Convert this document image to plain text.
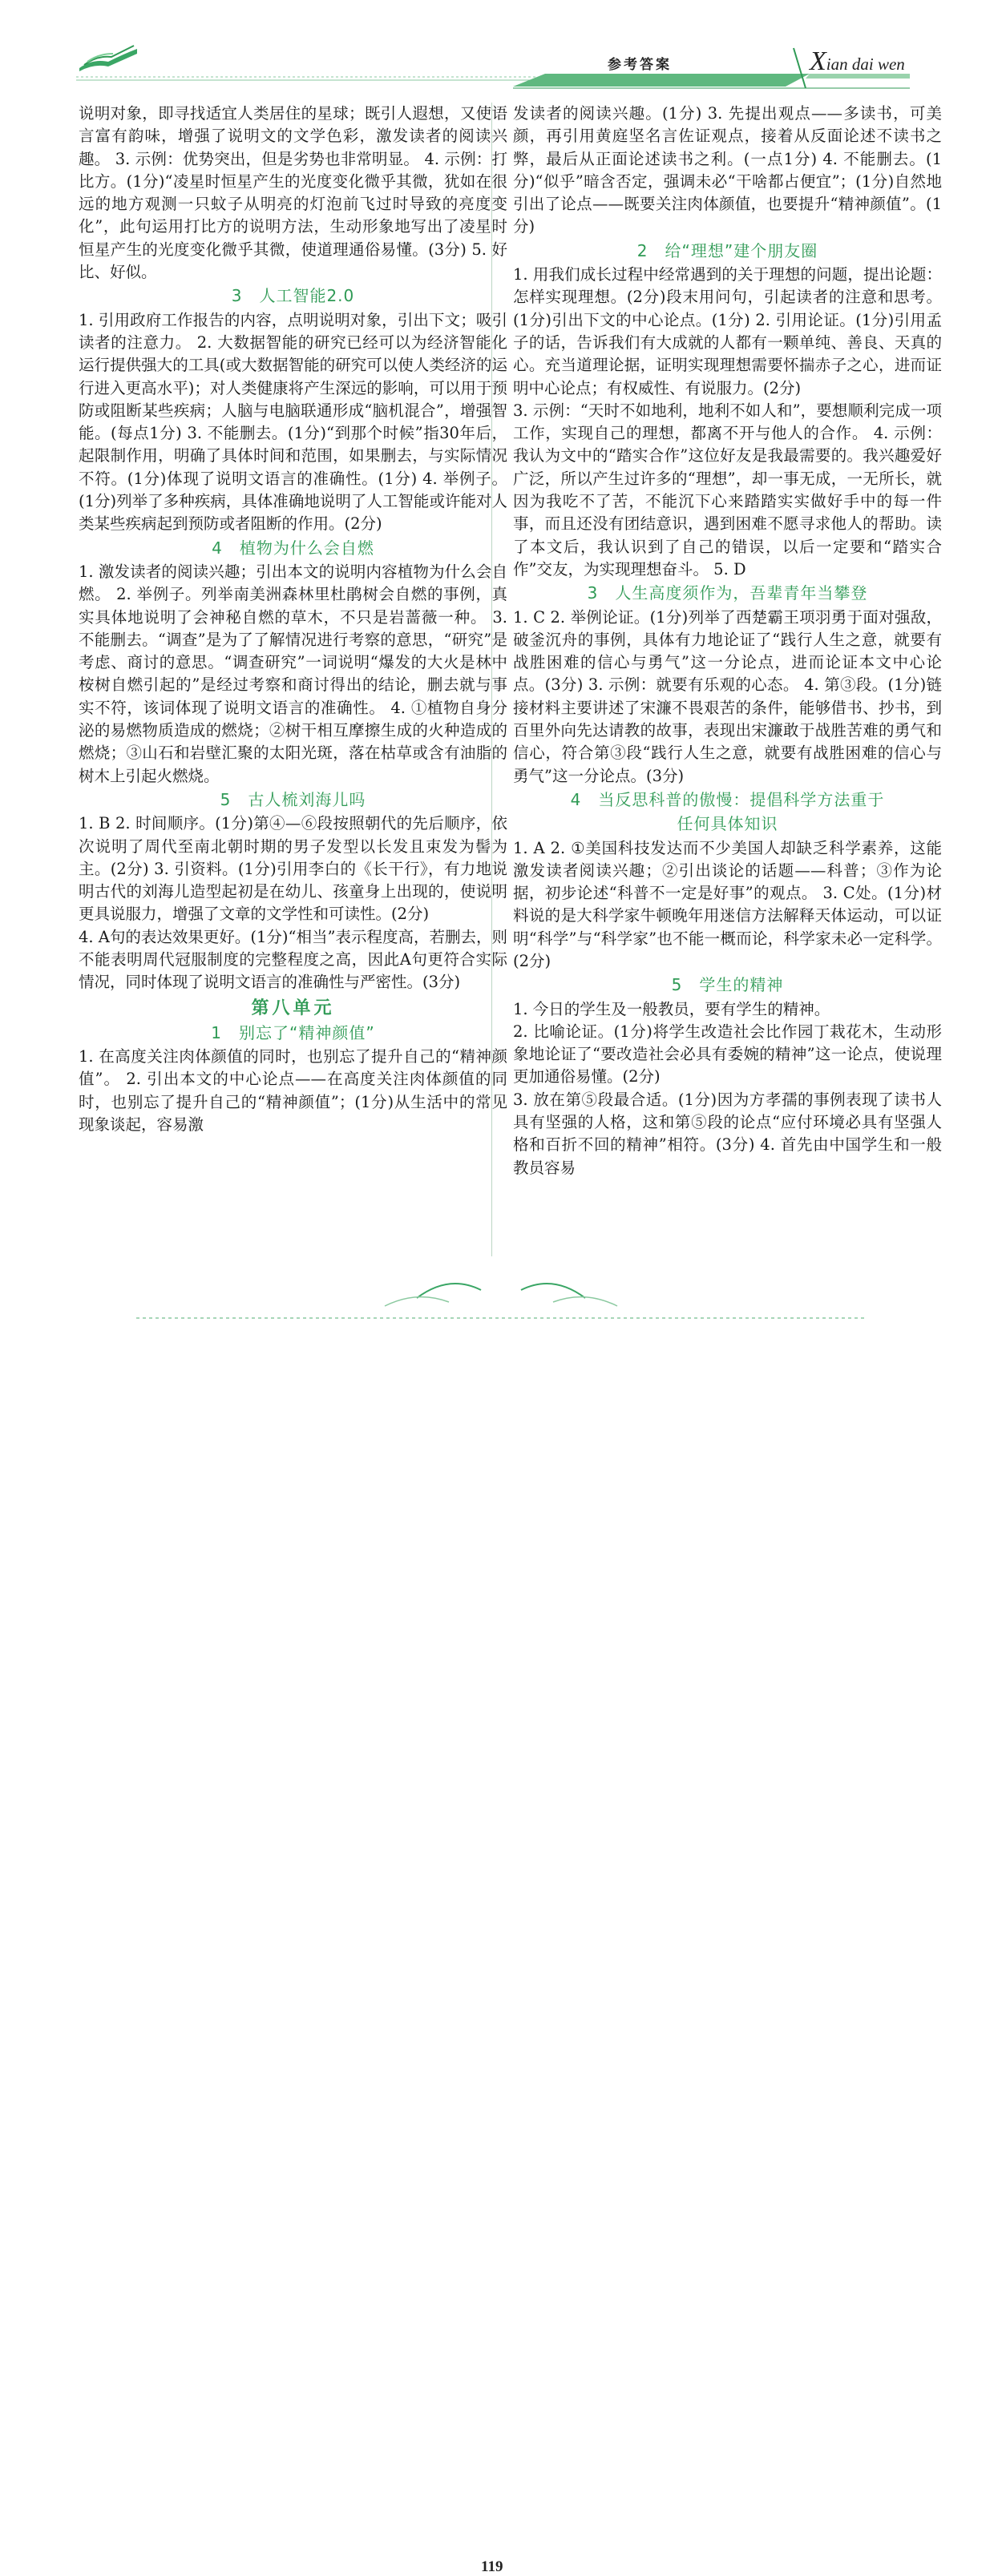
参考答案	Xian dai wen

说明对象，即寻找适宜人类居住的星球；既引人遐想，又使语言富有韵味，增强了说明文的文学色彩，激发读者的阅读兴趣。 3. 示例：优势突出，但是劣势也非常明显。 4. 示例：打比方。(1分)“凌星时恒星产生的光度变化微乎其微，犹如在很远的地方观测一只蚊子从明亮的灯泡前飞过时导致的亮度变化”，此句运用打比方的说明方法，生动形象地写出了凌星时恒星产生的光度变化微乎其微，使道理通俗易懂。(3分) 5. 好比、好似。

3　人工智能2.0

1. 引用政府工作报告的内容，点明说明对象，引出下文；吸引读者的注意力。 2. 大数据智能的研究已经可以为经济智能化运行提供强大的工具(或大数据智能的研究可以使人类经济的运行进入更高水平)；对人类健康将产生深远的影响，可以用于预防或阻断某些疾病；人脑与电脑联通形成“脑机混合”，增强智能。(每点1分) 3. 不能删去。(1分)“到那个时候”指30年后，起限制作用，明确了具体时间和范围，如果删去，与实际情况不符。(1分)体现了说明文语言的准确性。(1分) 4. 举例子。(1分)列举了多种疾病，具体准确地说明了人工智能或许能对人类某些疾病起到预防或者阻断的作用。(2分)

4　植物为什么会自燃

1. 激发读者的阅读兴趣；引出本文的说明内容植物为什么会自燃。 2. 举例子。列举南美洲森林里杜鹃树会自燃的事例，真实具体地说明了会神秘自燃的草木，不只是岩蔷薇一种。 3. 不能删去。“调查”是为了了解情况进行考察的意思，“研究”是考虑、商讨的意思。“调查研究”一词说明“爆发的大火是林中桉树自燃引起的”是经过考察和商讨得出的结论，删去就与事实不符，该词体现了说明文语言的准确性。 4. ①植物自身分泌的易燃物质造成的燃烧；②树干相互摩擦生成的火种造成的燃烧；③山石和岩壁汇聚的太阳光斑，落在枯草或含有油脂的树木上引起火燃烧。

5　古人梳刘海儿吗

1. B 2. 时间顺序。(1分)第④—⑥段按照朝代的先后顺序，依次说明了周代至南北朝时期的男子发型以长发且束发为髻为主。(2分) 3. 引资料。(1分)引用李白的《长干行》，有力地说明古代的刘海儿造型起初是在幼儿、孩童身上出现的，使说明更具说服力，增强了文章的文学性和可读性。(2分)

4. A句的表达效果更好。(1分)“相当”表示程度高，若删去，则不能表明周代冠服制度的完整程度之高，因此A句更符合实际情况，同时体现了说明文语言的准确性与严密性。(3分)

第八单元
1　别忘了“精神颜值”

1. 在高度关注肉体颜值的同时，也别忘了提升自己的“精神颜值”。 2. 引出本文的中心论点——在高度关注肉体颜值的同时，也别忘了提升自己的“精神颜值”；(1分)从生活中的常见现象谈起，容易激

发读者的阅读兴趣。(1分) 3. 先提出观点——多读书，可美颜，再引用黄庭坚名言佐证观点，接着从反面论述不读书之弊，最后从正面论述读书之利。(一点1分) 4. 不能删去。(1分)“似乎”暗含否定，强调未必“干啥都占便宜”；(1分)自然地引出了论点——既要关注肉体颜值，也要提升“精神颜值”。(1分)

2　给“理想”建个朋友圈

1. 用我们成长过程中经常遇到的关于理想的问题，提出论题：怎样实现理想。(2分)段末用问句，引起读者的注意和思考。(1分)引出下文的中心论点。(1分) 2. 引用论证。(1分)引用孟子的话，告诉我们有大成就的人都有一颗单纯、善良、天真的心。充当道理论据，证明实现理想需要怀揣赤子之心，进而证明中心论点；有权威性、有说服力。(2分)

3. 示例：“天时不如地利，地利不如人和”，要想顺利完成一项工作，实现自己的理想，都离不开与他人的合作。 4. 示例：我认为文中的“踏实合作”这位好友是我最需要的。我兴趣爱好广泛，所以产生过许多的“理想”，却一事无成，一无所长，就因为我吃不了苦，不能沉下心来踏踏实实做好手中的每一件事，而且还没有团结意识，遇到困难不愿寻求他人的帮助。读了本文后，我认识到了自己的错误，以后一定要和“踏实合作”交友，为实现理想奋斗。 5. D

3　人生高度须作为，吾辈青年当攀登

1. C 2. 举例论证。(1分)列举了西楚霸王项羽勇于面对强敌，破釜沉舟的事例，具体有力地论证了“践行人生之意，就要有战胜困难的信心与勇气”这一分论点，进而论证本文中心论点。(3分) 3. 示例：就要有乐观的心态。 4. 第③段。(1分)链接材料主要讲述了宋濂不畏艰苦的条件，能够借书、抄书，到百里外向先达请教的故事，表现出宋濂敢于战胜苦难的勇气和信心，符合第③段“践行人生之意，就要有战胜困难的信心与勇气”这一分论点。(3分)

4　当反思科普的傲慢：提倡科学方法重于
任何具体知识

1. A 2. ①美国科技发达而不少美国人却缺乏科学素养，这能激发读者阅读兴趣；②引出谈论的话题——科普；③作为论据，初步论述“科普不一定是好事”的观点。 3. C处。(1分)材料说的是大科学家牛顿晚年用迷信方法解释天体运动，可以证明“科学”与“科学家”也不能一概而论，科学家未必一定科学。(2分)

5　学生的精神

1. 今日的学生及一般教员，要有学生的精神。

2. 比喻论证。(1分)将学生改造社会比作园丁栽花木，生动形象地论证了“要改造社会必具有委婉的精神”这一论点，使说理更加通俗易懂。(2分)

3. 放在第⑤段最合适。(1分)因为方孝孺的事例表现了读书人具有坚强的人格，这和第⑤段的论点“应付环境必具有坚强人格和百折不回的精神”相符。(3分) 4. 首先由中国学生和一般教员容易

119
